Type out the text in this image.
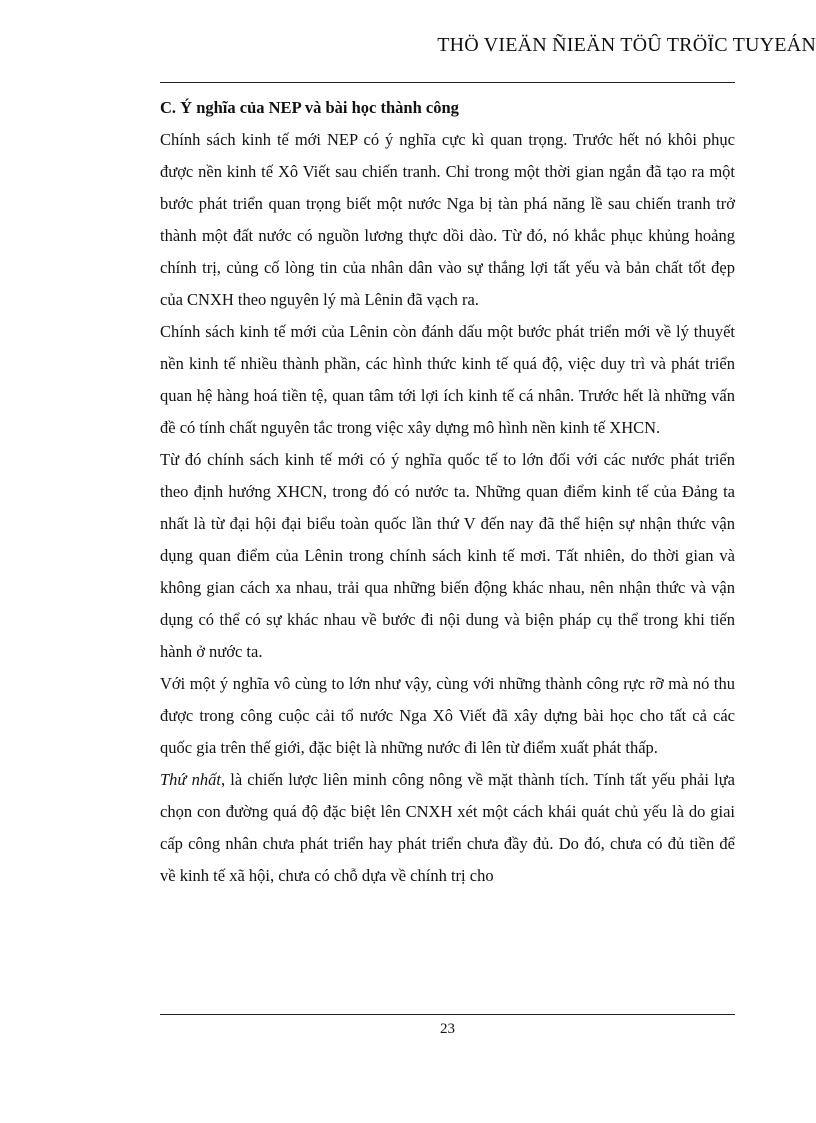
THÖ VIEÄN ÑIEÄN TÖÛ TRÖÏC TUYEÁN
C. Ý nghĩa của NEP và bài học thành công

Chính sách kinh tế mới NEP có ý nghĩa cực kì quan trọng. Trước hết nó khôi phục được nền kinh tế Xô Viết sau chiến tranh. Chỉ trong một thời gian ngắn đã tạo ra một bước phát triển quan trọng biết một nước Nga bị tàn phá năng lề sau chiến tranh trở thành một đất nước có nguồn lương thực dồi dào. Từ đó, nó khắc phục khủng hoảng chính trị, củng cố lòng tin của nhân dân vào sự thắng lợi tất yếu và bản chất tốt đẹp của CNXH theo nguyên lý mà Lênin đã vạch ra.

Chính sách kinh tế mới của Lênin còn đánh dấu một bước phát triển mới về lý thuyết nền kinh tế nhiều thành phần, các hình thức kinh tế quá độ, việc duy trì và phát triển quan hệ hàng hoá tiền tệ, quan tâm tới lợi ích kinh tế cá nhân. Trước hết là những vấn đề có tính chất nguyên tắc trong việc xây dựng mô hình nền kinh tế XHCN.

Từ đó chính sách kinh tế mới có ý nghĩa quốc tế to lớn đối với các nước phát triển theo định hướng XHCN, trong đó có nước ta. Những quan điểm kinh tế của Đảng ta nhất là từ đại hội đại biểu toàn quốc lần thứ V đến nay đã thể hiện sự nhận thức vận dụng quan điểm của Lênin trong chính sách kinh tế mơi. Tất nhiên, do thời gian và không gian cách xa nhau, trải qua những biến động khác nhau, nên nhận thức và vận dụng có thể có sự khác nhau về bước đi nội dung và biện pháp cụ thể trong khi tiến hành ở nước ta.

Với một ý nghĩa vô cùng to lớn như vậy, cùng với những thành công rực rỡ mà nó thu được trong công cuộc cải tổ nước Nga Xô Viết đã xây dựng bài học cho tất cả các quốc gia trên thế giới, đặc biệt là những nước đi lên từ điểm xuất phát thấp.

Thứ nhất, là chiến lược liên minh công nông về mặt thành tích. Tính tất yếu phải lựa chọn con đường quá độ đặc biệt lên CNXH xét một cách khái quát chủ yếu là do giai cấp công nhân chưa phát triển hay phát triển chưa đầy đủ. Do đó, chưa có đủ tiền để về kinh tế xã hội, chưa có chỗ dựa về chính trị cho

23
